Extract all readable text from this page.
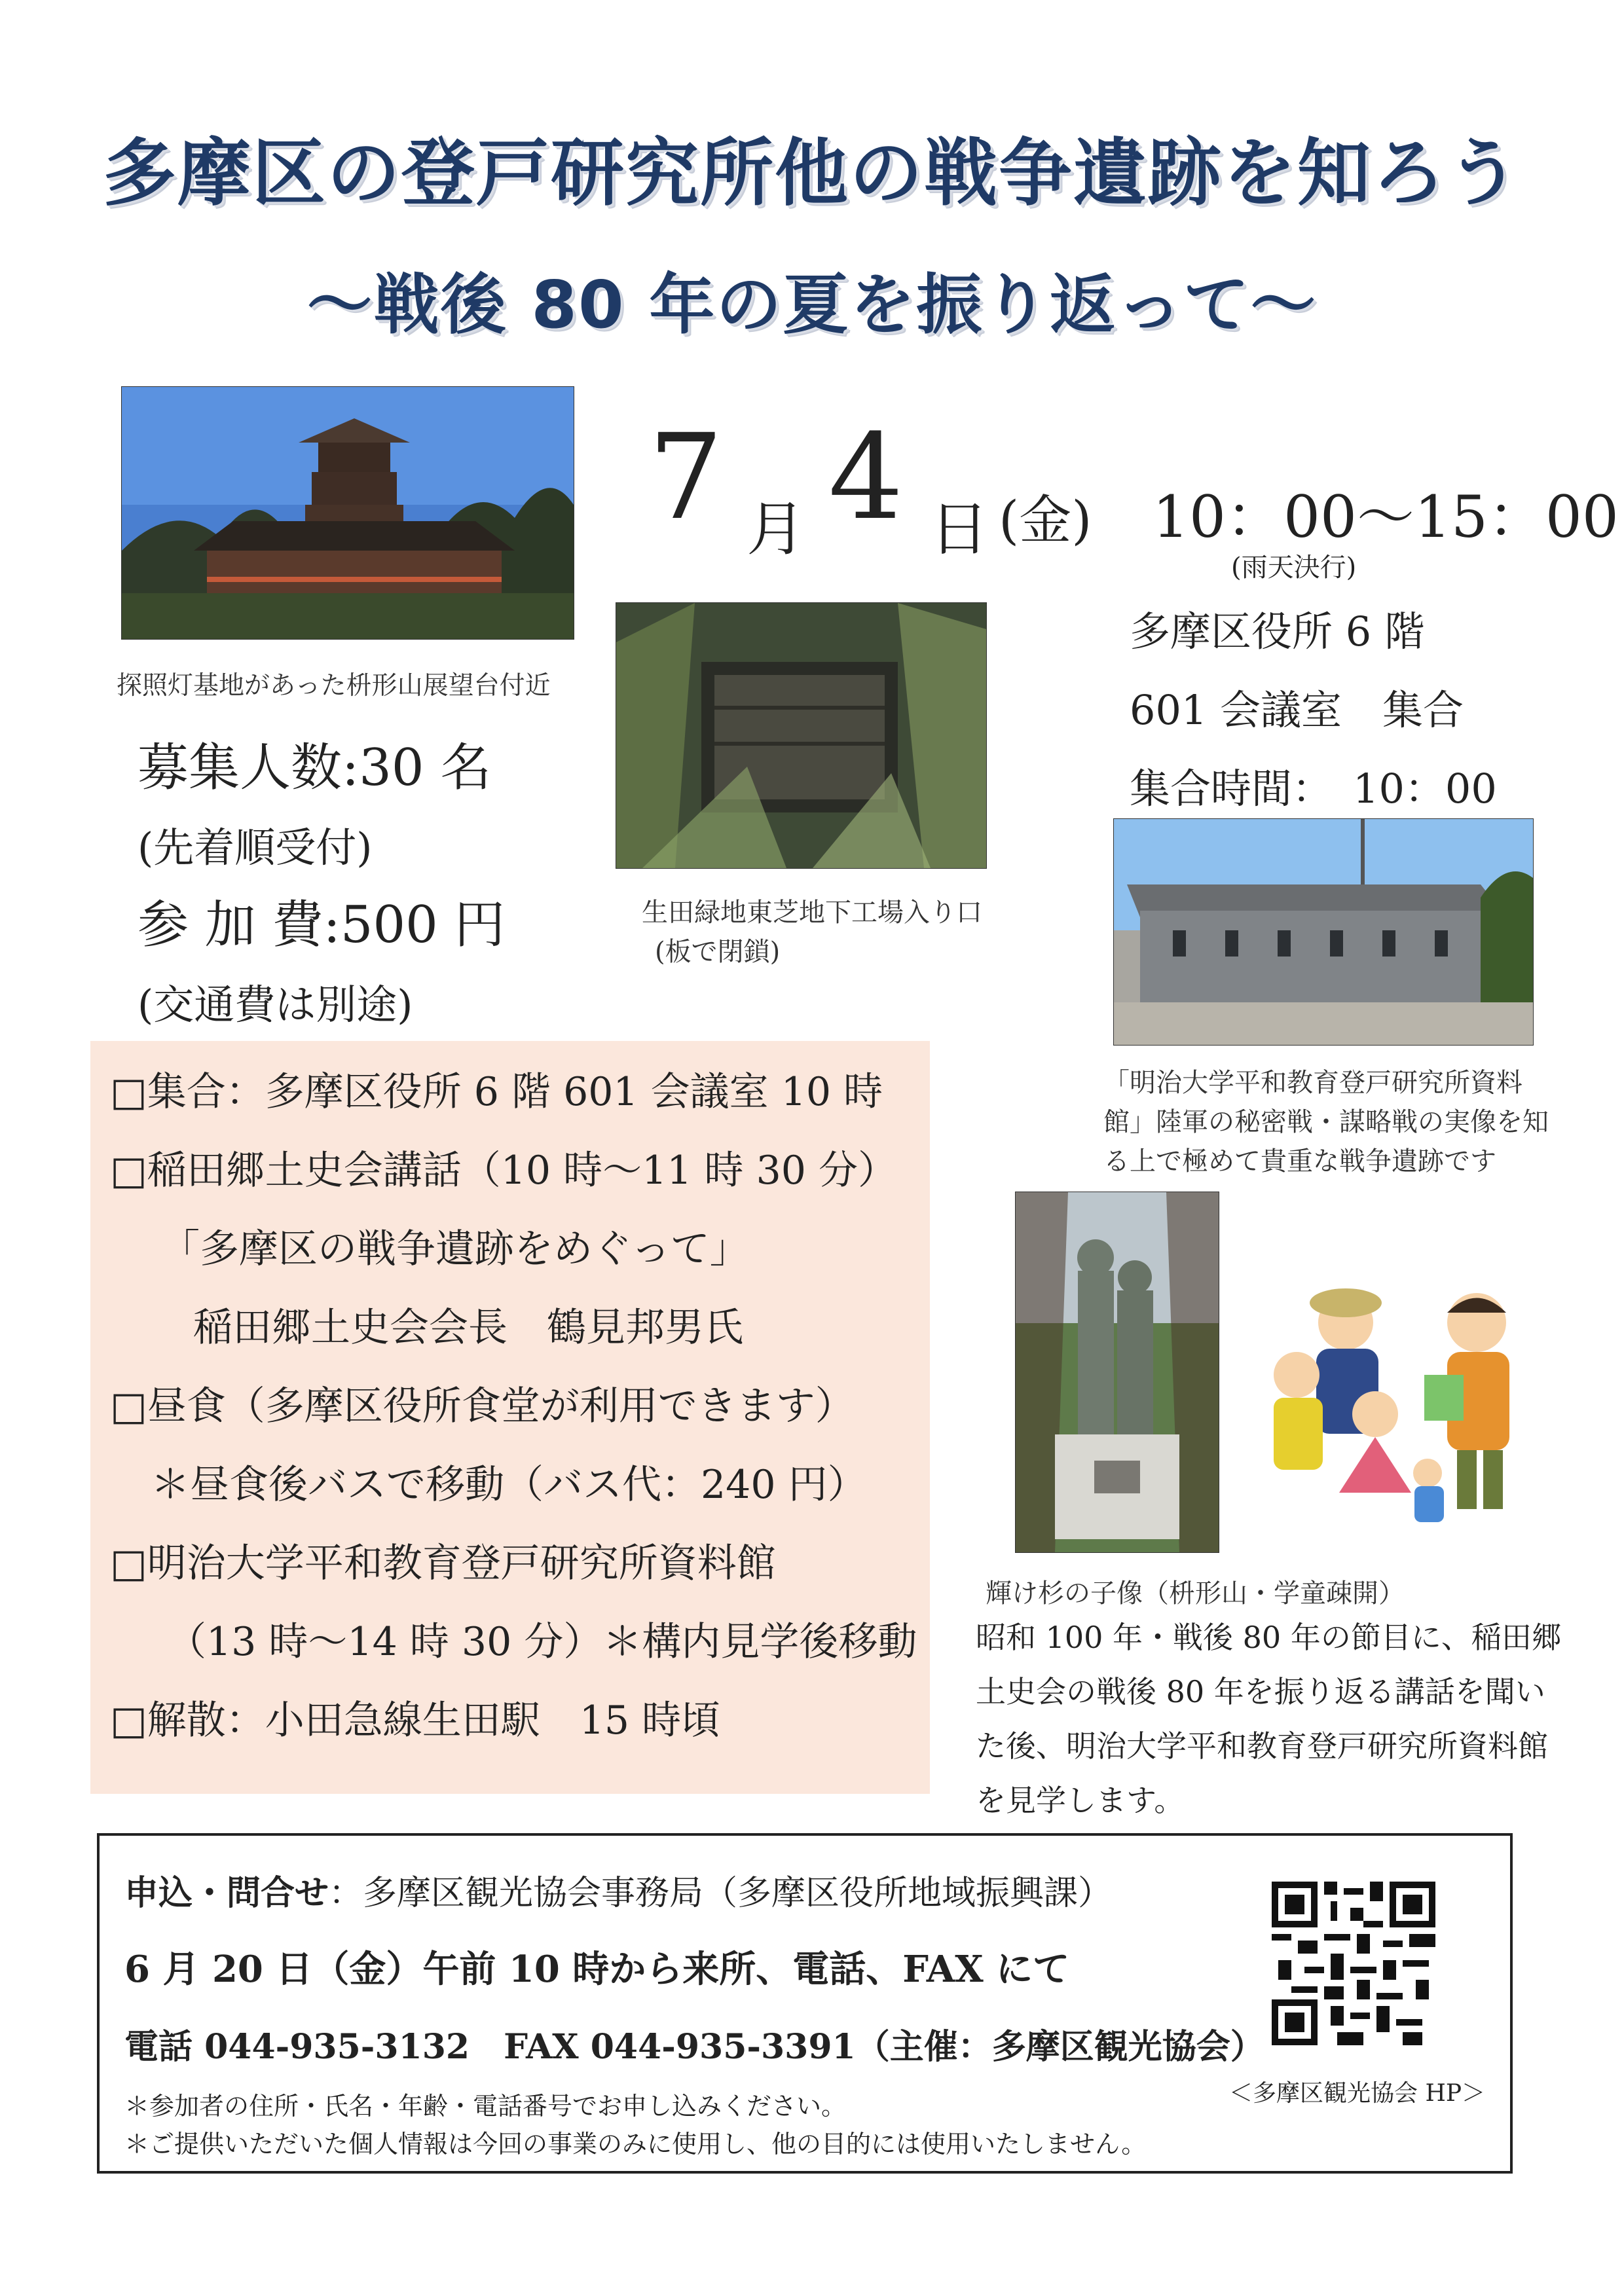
多摩区の登戸研究所他の戦争遺跡を知ろう
～戦後 80 年の夏を振り返って～
探照灯基地があった枡形山展望台付近
生田緑地東芝地下工場入り口
(板で閉鎖)
7 月 4 日 (金) 10：00～15：00
(雨天決行)
多摩区役所 6 階
601 会議室　集合
集合時間：　10：00
募集人数:30 名
(先着順受付)
参 加 費:500 円
(交通費は別途)
「明治大学平和教育登戸研究所資料
館」陸軍の秘密戦・謀略戦の実像を知
る上で極めて貴重な戦争遺跡です
□集合：多摩区役所 6 階 601 会議室 10 時
□稲田郷土史会講話（10 時～11 時 30 分）
「多摩区の戦争遺跡をめぐって」
稲田郷土史会会長　鶴見邦男氏
□昼食（多摩区役所食堂が利用できます）
＊昼食後バスで移動（バス代：240 円）
□明治大学平和教育登戸研究所資料館
（13 時～14 時 30 分）＊構内見学後移動
□解散：小田急線生田駅　15 時頃
輝け杉の子像（枡形山・学童疎開）
昭和 100 年・戦後 80 年の節目に、稲田郷
土史会の戦後 80 年を振り返る講話を聞い
た後、明治大学平和教育登戸研究所資料館
を見学します。
申込・問合せ：多摩区観光協会事務局（多摩区役所地域振興課）
6 月 20 日（金）午前 10 時から来所、電話、FAX にて
電話 044-935-3132　FAX 044-935-3391（主催：多摩区観光協会）
＊参加者の住所・氏名・年齢・電話番号でお申し込みください。
＊ご提供いただいた個人情報は今回の事業のみに使用し、他の目的には使用いたしません。
＜多摩区観光協会 HP＞
